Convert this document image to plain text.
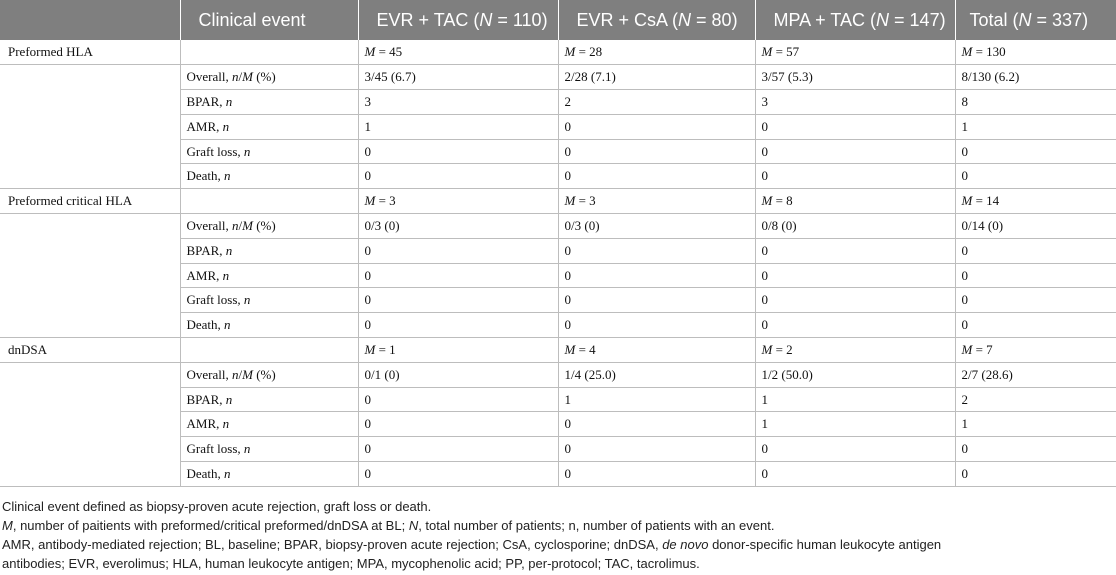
	Clinical event	EVR + TAC (N = 110)	EVR + CsA (N = 80)	MPA + TAC (N = 147)	Total (N = 337)
Preformed HLA		M = 45	M = 28	M = 57	M = 130
	Overall, n/M (%)	3/45 (6.7)	2/28 (7.1)	3/57 (5.3)	8/130 (6.2)
	BPAR, n	3	2	3	8
	AMR, n	1	0	0	1
	Graft loss, n	0	0	0	0
	Death, n	0	0	0	0
Preformed critical HLA		M = 3	M = 3	M = 8	M = 14
	Overall, n/M (%)	0/3 (0)	0/3 (0)	0/8 (0)	0/14 (0)
	BPAR, n	0	0	0	0
	AMR, n	0	0	0	0
	Graft loss, n	0	0	0	0
	Death, n	0	0	0	0
dnDSA		M = 1	M = 4	M = 2	M = 7
	Overall, n/M (%)	0/1 (0)	1/4 (25.0)	1/2 (50.0)	2/7 (28.6)
	BPAR, n	0	1	1	2
	AMR, n	0	0	1	1
	Graft loss, n	0	0	0	0
	Death, n	0	0	0	0

Clinical event defined as biopsy-proven acute rejection, graft loss or death.

M, number of paitients with preformed/critical preformed/dnDSA at BL; N, total number of patients; n, number of patients with an event.

AMR, antibody-mediated rejection; BL, baseline; BPAR, biopsy-proven acute rejection; CsA, cyclosporine; dnDSA, de novo donor-specific human leukocyte antigen

antibodies; EVR, everolimus; HLA, human leukocyte antigen; MPA, mycophenolic acid; PP, per-protocol; TAC, tacrolimus.
